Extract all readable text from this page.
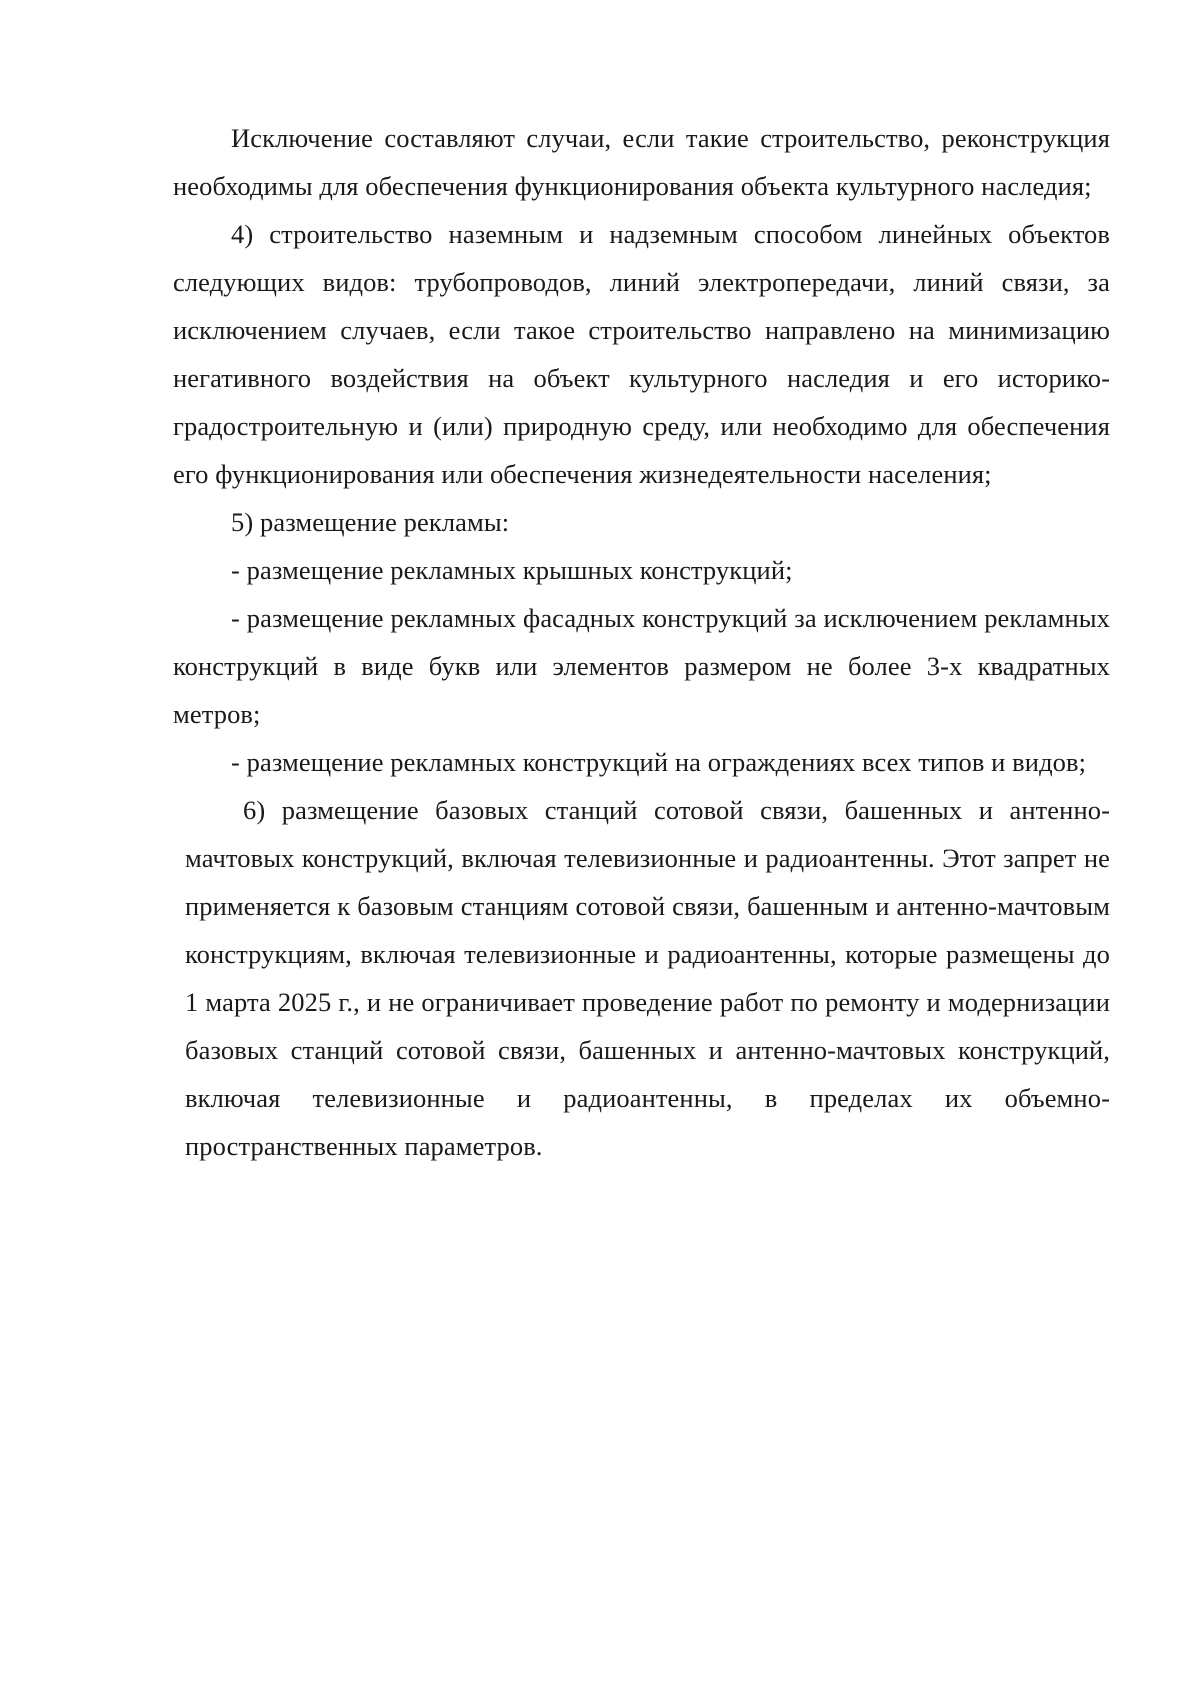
Исключение составляют случаи, если такие строительство, реконструкция необходимы для обеспечения функционирования объекта культурного наследия;

4) строительство наземным и надземным способом линейных объектов следующих видов: трубопроводов, линий электропередачи, линий связи, за исключением случаев, если такое строительство направлено на минимизацию негативного воздействия на объект культурного наследия и его историко-градостроительную и (или) природную среду, или необходимо для обеспечения его функционирования или обеспечения жизнедеятельности населения;

5) размещение рекламы:

- размещение рекламных крышных конструкций;

- размещение рекламных фасадных конструкций за исключением рекламных конструкций в виде букв или элементов размером не более 3-х квадратных метров;

- размещение рекламных конструкций на ограждениях всех типов и видов;

6) размещение базовых станций сотовой связи, башенных и антенно-мачтовых конструкций, включая телевизионные и радиоантенны. Этот запрет не применяется к базовым станциям сотовой связи, башенным и антенно-мачтовым конструкциям, включая телевизионные и радиоантенны, которые размещены до 1 марта 2025 г., и не ограничивает проведение работ по ремонту и модернизации базовых станций сотовой связи, башенных и антенно-мачтовых конструкций, включая телевизионные и радиоантенны, в пределах их объемно- пространственных параметров.
